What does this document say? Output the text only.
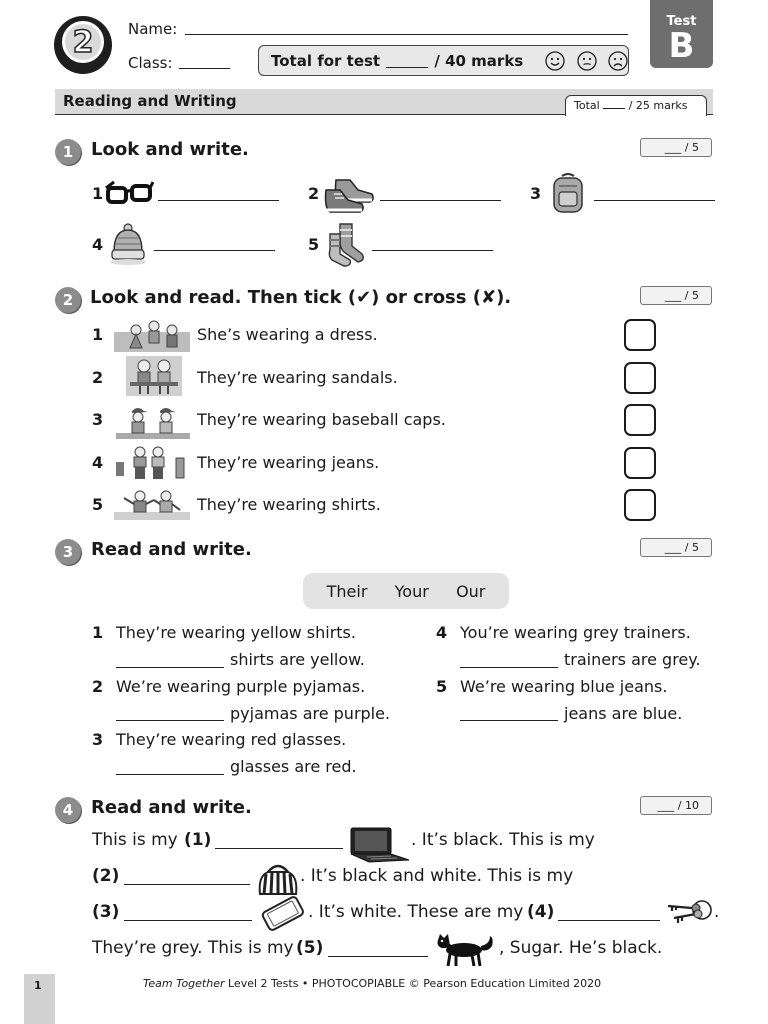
2	Name:
Class:	Total for test	/ 40 marks
Test
B
Reading and Writing	Total	/ 25 marks
1 Look and write.	___ / 5
1	2	3
4	5
2 Look and read. Then tick (✔) or cross (✘).	___ / 5
1	She’s wearing a dress.
2	They’re wearing sandals.
3	They’re wearing baseball caps.
4	They’re wearing jeans.
5	They’re wearing shirts.
3 Read and write.	___ / 5
Their Your Our
1 They’re wearing yellow shirts.
shirts are yellow.
2 We’re wearing purple pyjamas.
pyjamas are purple.
3 They’re wearing red glasses.
glasses are red.
4 You’re wearing grey trainers.
trainers are grey.
5 We’re wearing blue jeans.
jeans are blue.
4 Read and write.	___ / 10
This is my (1)	. It’s black. This is my
(2)	. It’s black and white. This is my
(3)	. It’s white. These are my (4)	.
They’re grey. This is my (5)	, Sugar. He’s black.
1	Team Together Level 2 Tests • PHOTOCOPIABLE © Pearson Education Limited 2020
